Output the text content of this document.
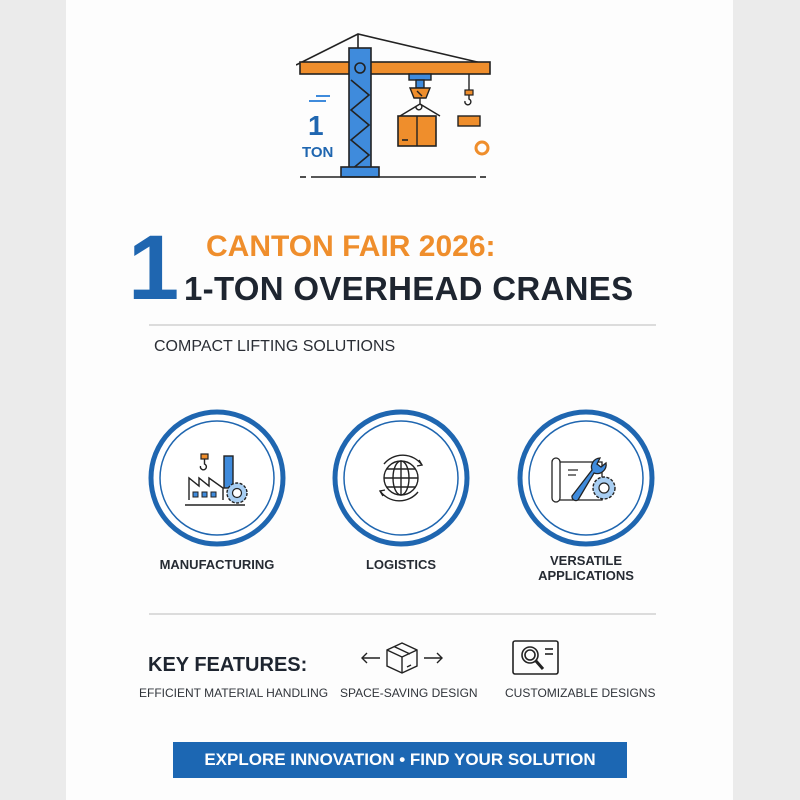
1
TON
1 CANTON FAIR 2026:
1-TON OVERHEAD CRANES
COMPACT LIFTING SOLUTIONS
MANUFACTURING	LOGISTICS	VERSATILE
APPLICATIONS
KEY FEATURES:
EFFICIENT MATERIAL HANDLING SPACE-SAVING DESIGN CUSTOMIZABLE DESIGNS
EXPLORE INNOVATION • FIND YOUR SOLUTION
